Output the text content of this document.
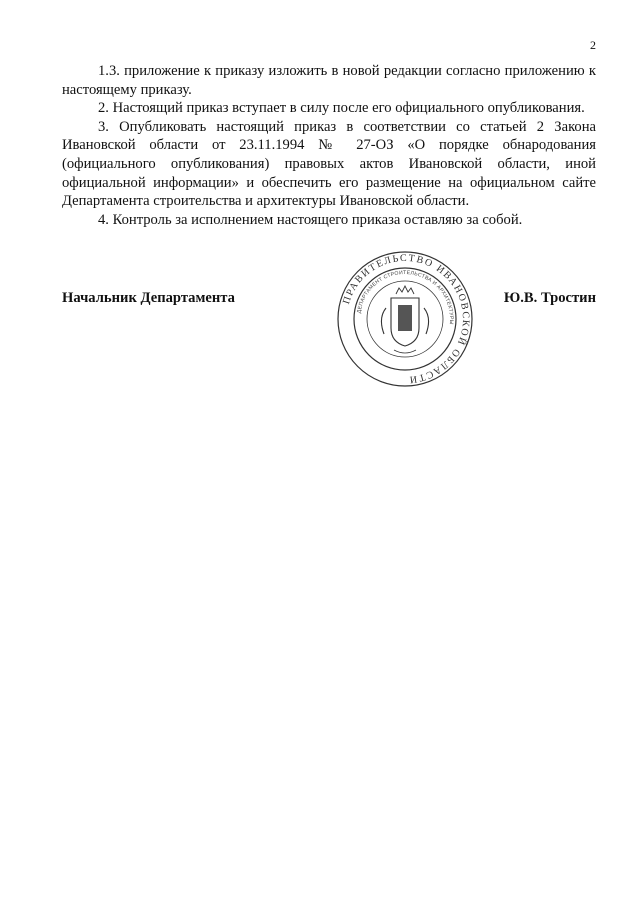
2

1.3. приложение к приказу изложить в новой редакции согласно приложению к настоящему приказу.

2. Настоящий приказ вступает в силу после его официального опубликования.

3. Опубликовать настоящий приказ в соответствии со статьей 2 Закона Ивановской области от 23.11.1994 № 27-ОЗ «О порядке обнародования (официального опубликования) правовых актов Ивановской области, иной официальной информации» и обеспечить его размещение на официальном сайте Департамента строительства и архитектуры Ивановской области.

4. Контроль за исполнением настоящего приказа оставляю за собой.

Начальник Департамента	Ю.В. Тростин
ПРАВИТЕЛЬСТВО ИВАНОВСКОЙ ОБЛАСТИ
ДЕПАРТАМЕНТ СТРОИТЕЛЬСТВА И АРХИТЕКТУРЫ
